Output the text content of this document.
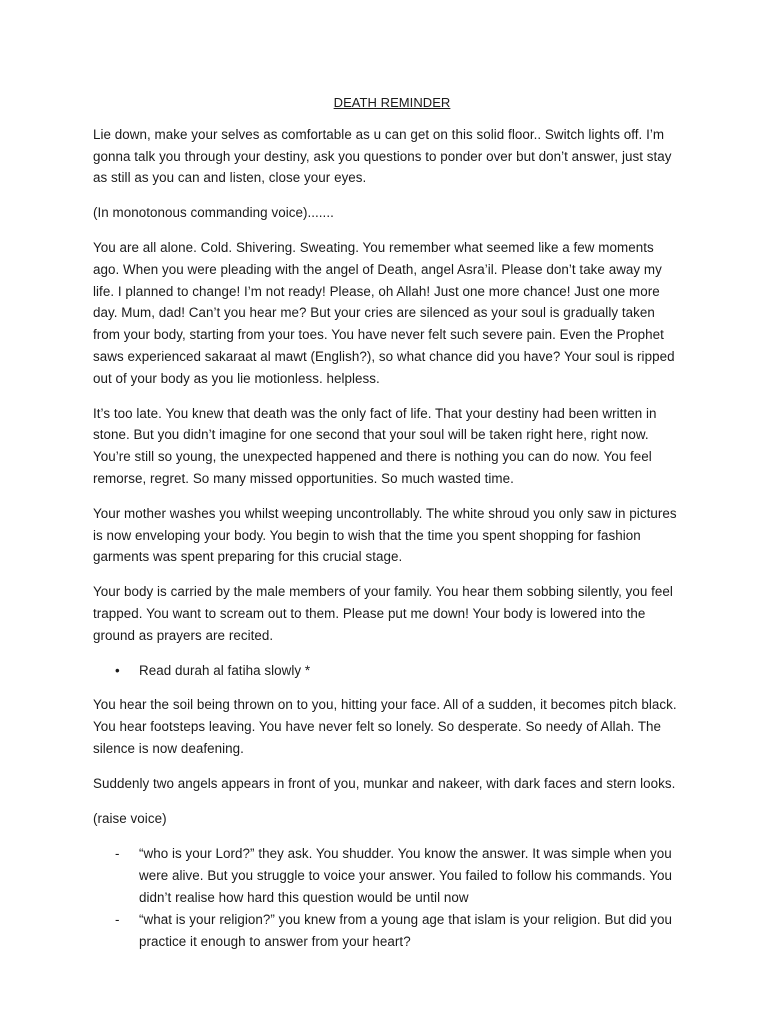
DEATH REMINDER

Lie down, make your selves as comfortable as u can get on this solid floor.. Switch lights off. I’m gonna talk you through your destiny, ask you questions to ponder over but don’t answer, just stay as still as you can and listen, close your eyes.

(In monotonous commanding voice).......

You are all alone. Cold. Shivering. Sweating. You remember what seemed like a few moments ago. When you were pleading with the angel of Death, angel Asra’il. Please don’t take away my life. I planned to change! I’m not ready! Please, oh Allah! Just one more chance! Just one more day. Mum, dad! Can’t you hear me? But your cries are silenced as your soul is gradually taken from your body, starting from your toes. You have never felt such severe pain. Even the Prophet saws experienced sakaraat al mawt (English?), so what chance did you have? Your soul is ripped out of your body as you lie motionless. helpless.

It’s too late. You knew that death was the only fact of life. That your destiny had been written in stone. But you didn’t imagine for one second that your soul will be taken right here, right now. You’re still so young, the unexpected happened and there is nothing you can do now. You feel remorse, regret. So many missed opportunities. So much wasted time.

Your mother washes you whilst weeping uncontrollably. The white shroud you only saw in pictures is now enveloping your body. You begin to wish that the time you spent shopping for fashion garments was spent preparing for this crucial stage.

Your body is carried by the male members of your family. You hear them sobbing silently, you feel trapped. You want to scream out to them. Please put me down! Your body is lowered into the ground as prayers are recited.

• Read durah al fatiha slowly *

You hear the soil being thrown on to you, hitting your face. All of a sudden, it becomes pitch black. You hear footsteps leaving. You have never felt so lonely. So desperate. So needy of Allah. The silence is now deafening.

Suddenly two angels appears in front of you, munkar and nakeer, with dark faces and stern looks.

(raise voice)

- “who is your Lord?” they ask. You shudder. You know the answer. It was simple when you were alive. But you struggle to voice your answer. You failed to follow his commands. You didn’t realise how hard this question would be until now
- “what is your religion?” you knew from a young age that islam is your religion. But did you practice it enough to answer from your heart?
